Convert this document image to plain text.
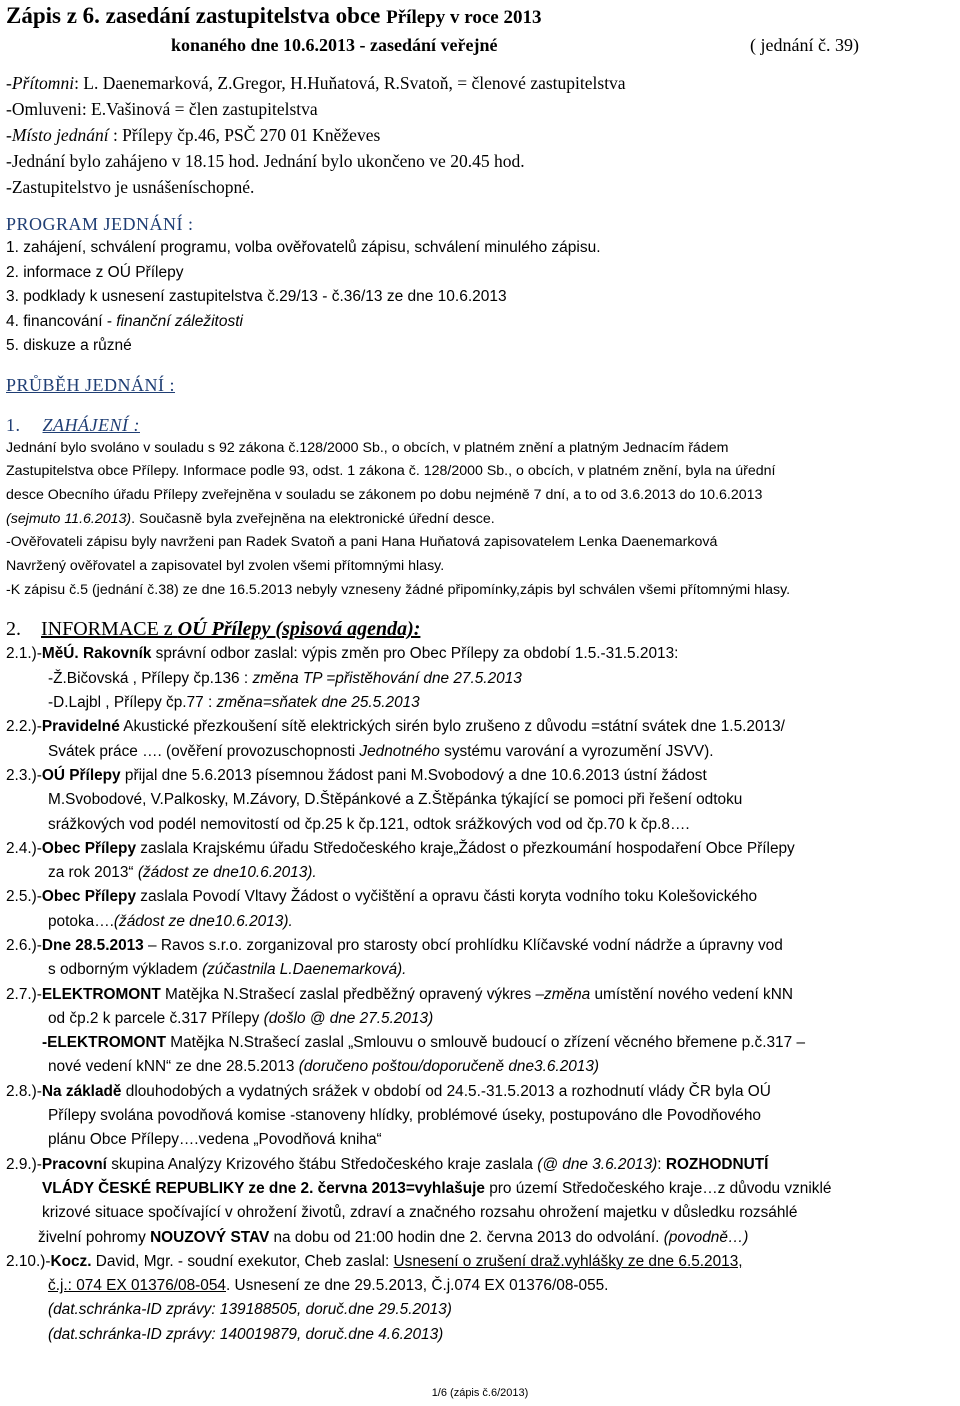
Zápis z 6. zasedání zastupitelstva obce Přílepy v roce 2013
konaného dne 10.6.2013 - zasedání veřejné	( jednání č. 39)
-Přítomni: L. Daenemarková, Z.Gregor, H.Huňatová, R.Svatoň, = členové zastupitelstva
-Omluveni: E.Vašinová = člen zastupitelstva
-Místo jednání : Přílepy čp.46, PSČ 270 01 Kněževes
-Jednání bylo zahájeno v 18.15 hod. Jednání bylo ukončeno ve 20.45 hod.
-Zastupitelstvo je usnášeníschopné.
PROGRAM JEDNÁNÍ :
1. zahájení, schválení programu, volba ověřovatelů zápisu, schválení minulého zápisu.
2. informace z OÚ Přílepy
3. podklady k usnesení zastupitelstva č.29/13 - č.36/13 ze dne 10.6.2013
4. financování - finanční záležitosti
5. diskuze a různé
PRŮBĚH JEDNÁNÍ :
1. ZAHÁJENÍ :
Jednání bylo svoláno v souladu s 92 zákona č.128/2000 Sb., o obcích, v platném znění a platným Jednacím řádem
Zastupitelstva obce Přílepy. Informace podle 93, odst. 1 zákona č. 128/2000 Sb., o obcích, v platném znění, byla na úřední
desce Obecního úřadu Přílepy zveřejněna v souladu se zákonem po dobu nejméně 7 dní, a to od 3.6.2013 do 10.6.2013
(sejmuto 11.6.2013). Současně byla zveřejněna na elektronické úřední desce.
-Ověřovateli zápisu byly navrženi pan Radek Svatoň a pani Hana Huňatová zapisovatelem Lenka Daenemarková
Navržený ověřovatel a zapisovatel byl zvolen všemi přítomnými hlasy.
-K zápisu č.5 (jednání č.38) ze dne 16.5.2013 nebyly vzneseny žádné připomínky,zápis byl schválen všemi přítomnými hlasy.
2. INFORMACE z OÚ Přílepy (spisová agenda):
2.1.)-MěÚ. Rakovník správní odbor zaslal: výpis změn pro Obec Přílepy za období 1.5.-31.5.2013:
-Ž.Bičovská , Přílepy čp.136 : změna TP =přistěhování dne 27.5.2013
-D.Lajbl , Přílepy čp.77 : změna=sňatek dne 25.5.2013
2.2.)-Pravidelné Akustické přezkoušení sítě elektrických sirén bylo zrušeno z důvodu =státní svátek dne 1.5.2013/
Svátek práce …. (ověření provozuschopnosti Jednotného systému varování a vyrozumění JSVV).
2.3.)-OÚ Přílepy přijal dne 5.6.2013 písemnou žádost pani M.Svobodový a dne 10.6.2013 ústní žádost
M.Svobodové, V.Palkosky, M.Závory, D.Štěpánkové a Z.Štěpánka týkající se pomoci při řešení odtoku
srážkových vod podél nemovitostí od čp.25 k čp.121, odtok srážkových vod od čp.70 k čp.8….
2.4.)-Obec Přílepy zaslala Krajskému úřadu Středočeského kraje„Žádost o přezkoumání hospodaření Obce Přílepy
za rok 2013“ (žádost ze dne10.6.2013).
2.5.)-Obec Přílepy zaslala Povodí Vltavy Žádost o vyčištění a opravu části koryta vodního toku Kolešovického
potoka….(žádost ze dne10.6.2013).
2.6.)-Dne 28.5.2013 – Ravos s.r.o. zorganizoval pro starosty obcí prohlídku Klíčavské vodní nádrže a úpravny vod
s odborným výkladem (zúčastnila L.Daenemarková).
2.7.)-ELEKTROMONT Matějka N.Strašecí zaslal předběžný opravený výkres –změna umístění nového vedení kNN
od čp.2 k parcele č.317 Přílepy (došlo @ dne 27.5.2013)
-ELEKTROMONT Matějka N.Strašecí zaslal „Smlouvu o smlouvě budoucí o zřízení věcného břemene p.č.317 –
nové vedení kNN“ ze dne 28.5.2013 (doručeno poštou/doporučeně dne3.6.2013)
2.8.)-Na základě dlouhodobých a vydatných srážek v období od 24.5.-31.5.2013 a rozhodnutí vlády ČR byla OÚ
Přílepy svolána povodňová komise -stanoveny hlídky, problémové úseky, postupováno dle Povodňového
plánu Obce Přílepy….vedena „Povodňová kniha“
2.9.)-Pracovní skupina Analýzy Krizového štábu Středočeského kraje zaslala (@ dne 3.6.2013): ROZHODNUTÍ
VLÁDY ČESKÉ REPUBLIKY ze dne 2. června 2013=vyhlašuje pro území Středočeského kraje…z důvodu vzniklé
krizové situace spočívající v ohrožení životů, zdraví a značného rozsahu ohrožení majetku v důsledku rozsáhlé
živelní pohromy NOUZOVÝ STAV na dobu od 21:00 hodin dne 2. června 2013 do odvolání. (povodně…)
2.10.)-Kocz. David, Mgr. - soudní exekutor, Cheb zaslal: Usnesení o zrušení draž.vyhlášky ze dne 6.5.2013,
č.j.: 074 EX 01376/08-054. Usnesení ze dne 29.5.2013, Č.j.074 EX 01376/08-055.
(dat.schránka-ID zprávy: 139188505, doruč.dne 29.5.2013)
(dat.schránka-ID zprávy: 140019879, doruč.dne 4.6.2013)
1/6 (zápis č.6/2013)
